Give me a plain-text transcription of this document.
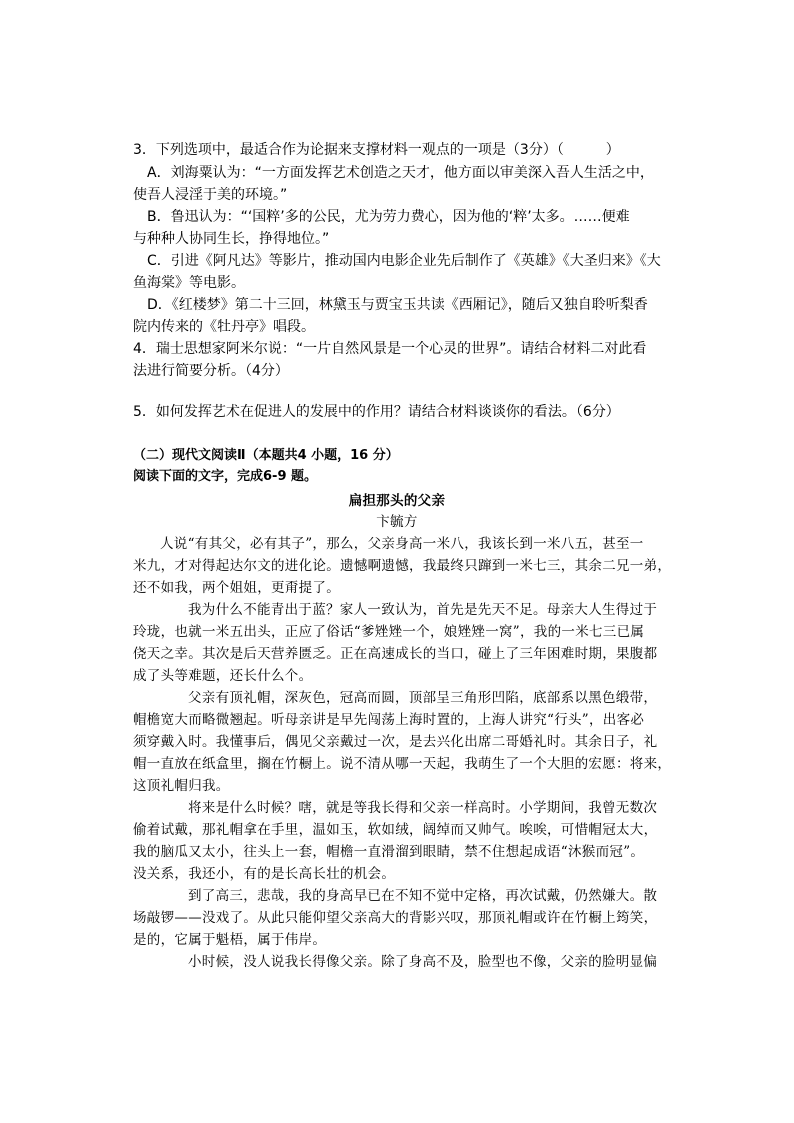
3．下列选项中，最适合作为论据来支撑材料一观点的一项是（3分）（　　　）
A．刘海粟认为：“一方面发挥艺术创造之天才，他方面以审美深入吾人生活之中，
使吾人浸淫于美的环境。”
B．鲁迅认为：“‘国粹’多的公民，尤为劳力费心，因为他的‘粹’太多。……便难
与种种人协同生长，挣得地位。”
C．引进《阿凡达》等影片，推动国内电影企业先后制作了《英雄》《大圣归来》《大
鱼海棠》等电影。
D．《红楼梦》第二十三回，林黛玉与贾宝玉共读《西厢记》，随后又独自聆听梨香
院内传来的《牡丹亭》唱段。
4．瑞士思想家阿米尔说：“一片自然风景是一个心灵的世界”。请结合材料二对此看
法进行简要分析。（4分）
5．如何发挥艺术在促进人的发展中的作用？请结合材料谈谈你的看法。（6分）
（二）现代文阅读Ⅱ（本题共4 小题，16 分）
阅读下面的文字，完成6-9 题。
扁担那头的父亲
卞毓方
人说“有其父，必有其子”，那么，父亲身高一米八，我该长到一米八五，甚至一
米九，才对得起达尔文的进化论。遗憾啊遗憾，我最终只蹿到一米七三，其余二兄一弟，
还不如我，两个姐姐，更甭提了。
我为什么不能青出于蓝？家人一致认为，首先是先天不足。母亲大人生得过于
玲珑，也就一米五出头，正应了俗话“爹矬矬一个，娘矬矬一窝”，我的一米七三已属
侥天之幸。其次是后天营养匮乏。正在高速成长的当口，碰上了三年困难时期，果腹都
成了头等难题，还长什么个。
父亲有顶礼帽，深灰色，冠高而圆，顶部呈三角形凹陷，底部系以黑色缎带，
帽檐宽大而略微翘起。听母亲讲是早先闯荡上海时置的，上海人讲究“行头”，出客必
须穿戴入时。我懂事后，偶见父亲戴过一次，是去兴化出席二哥婚礼时。其余日子，礼
帽一直放在纸盒里，搁在竹橱上。说不清从哪一天起，我萌生了一个大胆的宏愿：将来，
这顶礼帽归我。
将来是什么时候？嗐，就是等我长得和父亲一样高时。小学期间，我曾无数次
偷着试戴，那礼帽拿在手里，温如玉，软如绒，阔绰而又帅气。唉唉，可惜帽冠太大，
我的脑瓜又太小，往头上一套，帽檐一直滑溜到眼睛，禁不住想起成语“沐猴而冠”。
没关系，我还小，有的是长高长壮的机会。
到了高三，悲哉，我的身高早已在不知不觉中定格，再次试戴，仍然嫌大。散
场敲锣——没戏了。从此只能仰望父亲高大的背影兴叹，那顶礼帽或许在竹橱上筠笑，
是的，它属于魁梧，属于伟岸。
小时候，没人说我长得像父亲。除了身高不及，脸型也不像，父亲的脸明显偏
